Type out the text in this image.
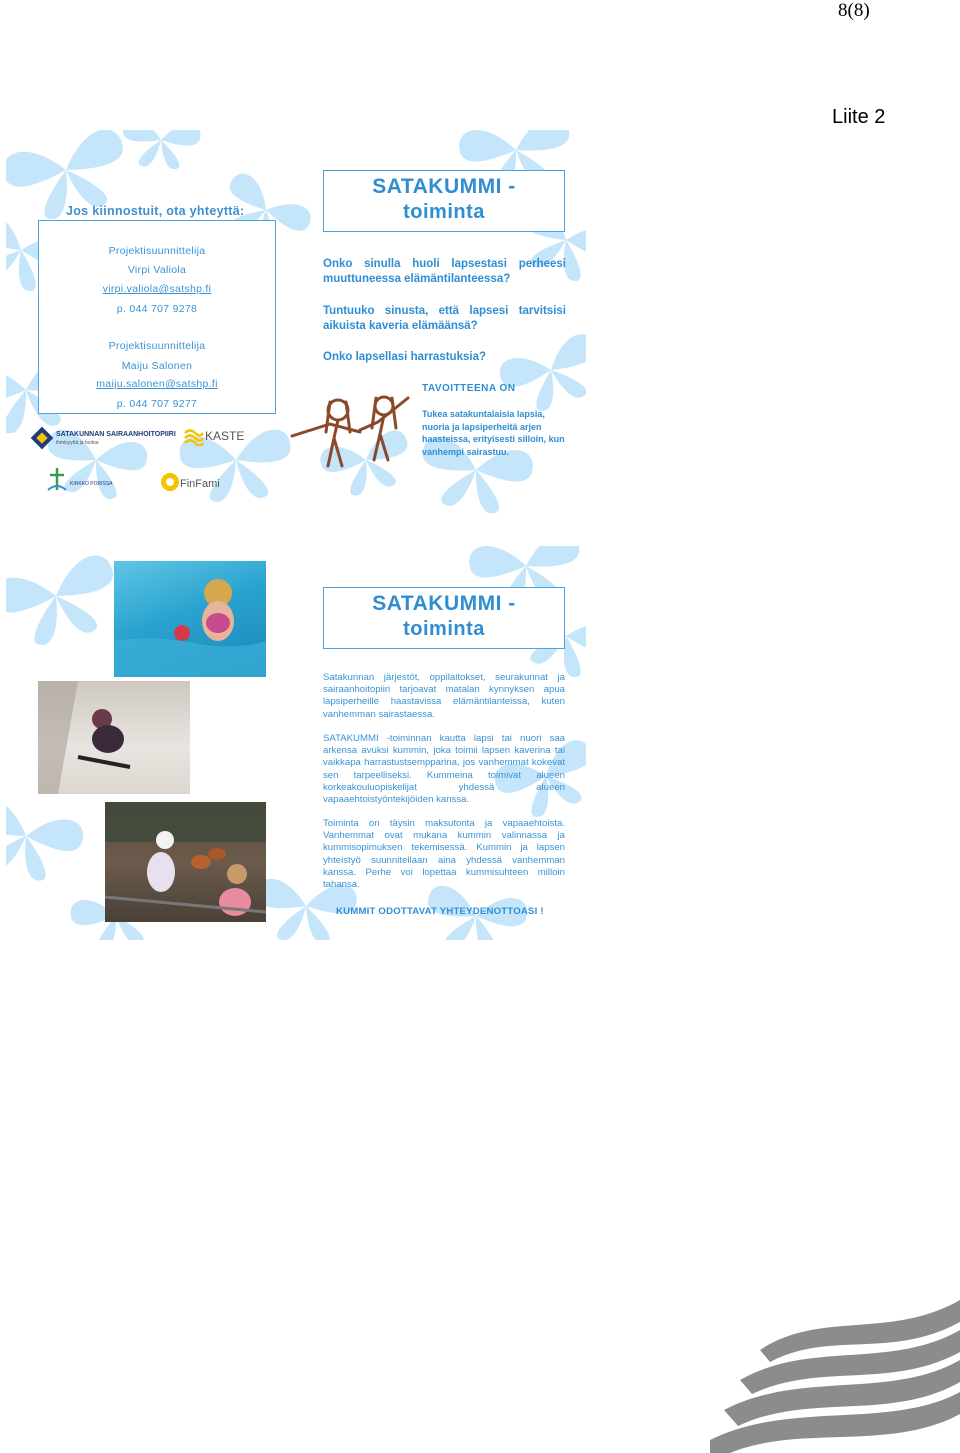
8(8)
Liite 2
Jos kiinnostuit, ota yhteyttä:
Projektisuunnittelija
Virpi Valiola
virpi.valiola@satshp.fi
p. 044 707 9278
Projektisuunnittelija
Maiju Salonen
maiju.salonen@satshp.fi
p. 044 707 9277
SATAKUNNAN SAIRAANHOITOPIIRI
ihmisyyttä ja hoitoa	KASTE
KIRKKO PORISSA	FinFami
SATAKUMMI -
toiminta
Onko sinulla huoli lapsestasi perheesi muuttuneessa elämäntilanteessa?
Tuntuuko sinusta, että lapsesi tarvitsisi aikuista kaveria elämäänsä?
Onko lapsellasi harrastuksia?
TAVOITTEENA ON
Tukea satakuntalaisia lapsia, nuoria ja lapsiperheitä arjen haasteissa, erityisesti silloin, kun vanhempi sairastuu.
SATAKUMMI -
toiminta
Satakunnan järjestöt, oppilaitokset, seurakunnat ja sairaanhoitopiiri tarjoavat matalan kynnyksen apua lapsiperheille haastavissa elämäntilanteissa, kuten vanhemman sairastaessa.
SATAKUMMI -toiminnan kautta lapsi tai nuori saa arkensa avuksi kummin, joka toimii lapsen kaverina tai vaikkapa harrastustsempparina, jos vanhemmat kokevat sen tarpeelliseksi. Kummeina toimivat alueen korkeakouluopiskelijat yhdessä alueen vapaaehtoistyöntekijöiden kanssa.
Toiminta on täysin maksutonta ja vapaaehtoista. Vanhemmat ovat mukana kummin valinnassa ja kummisopimuksen tekemisessä. Kummin ja lapsen yhteistyö suunnitellaan aina yhdessä vanhemman kanssa. Perhe voi lopettaa kummisuhteen milloin tahansa.
KUMMIT ODOTTAVAT YHTEYDENOTTOASI !
